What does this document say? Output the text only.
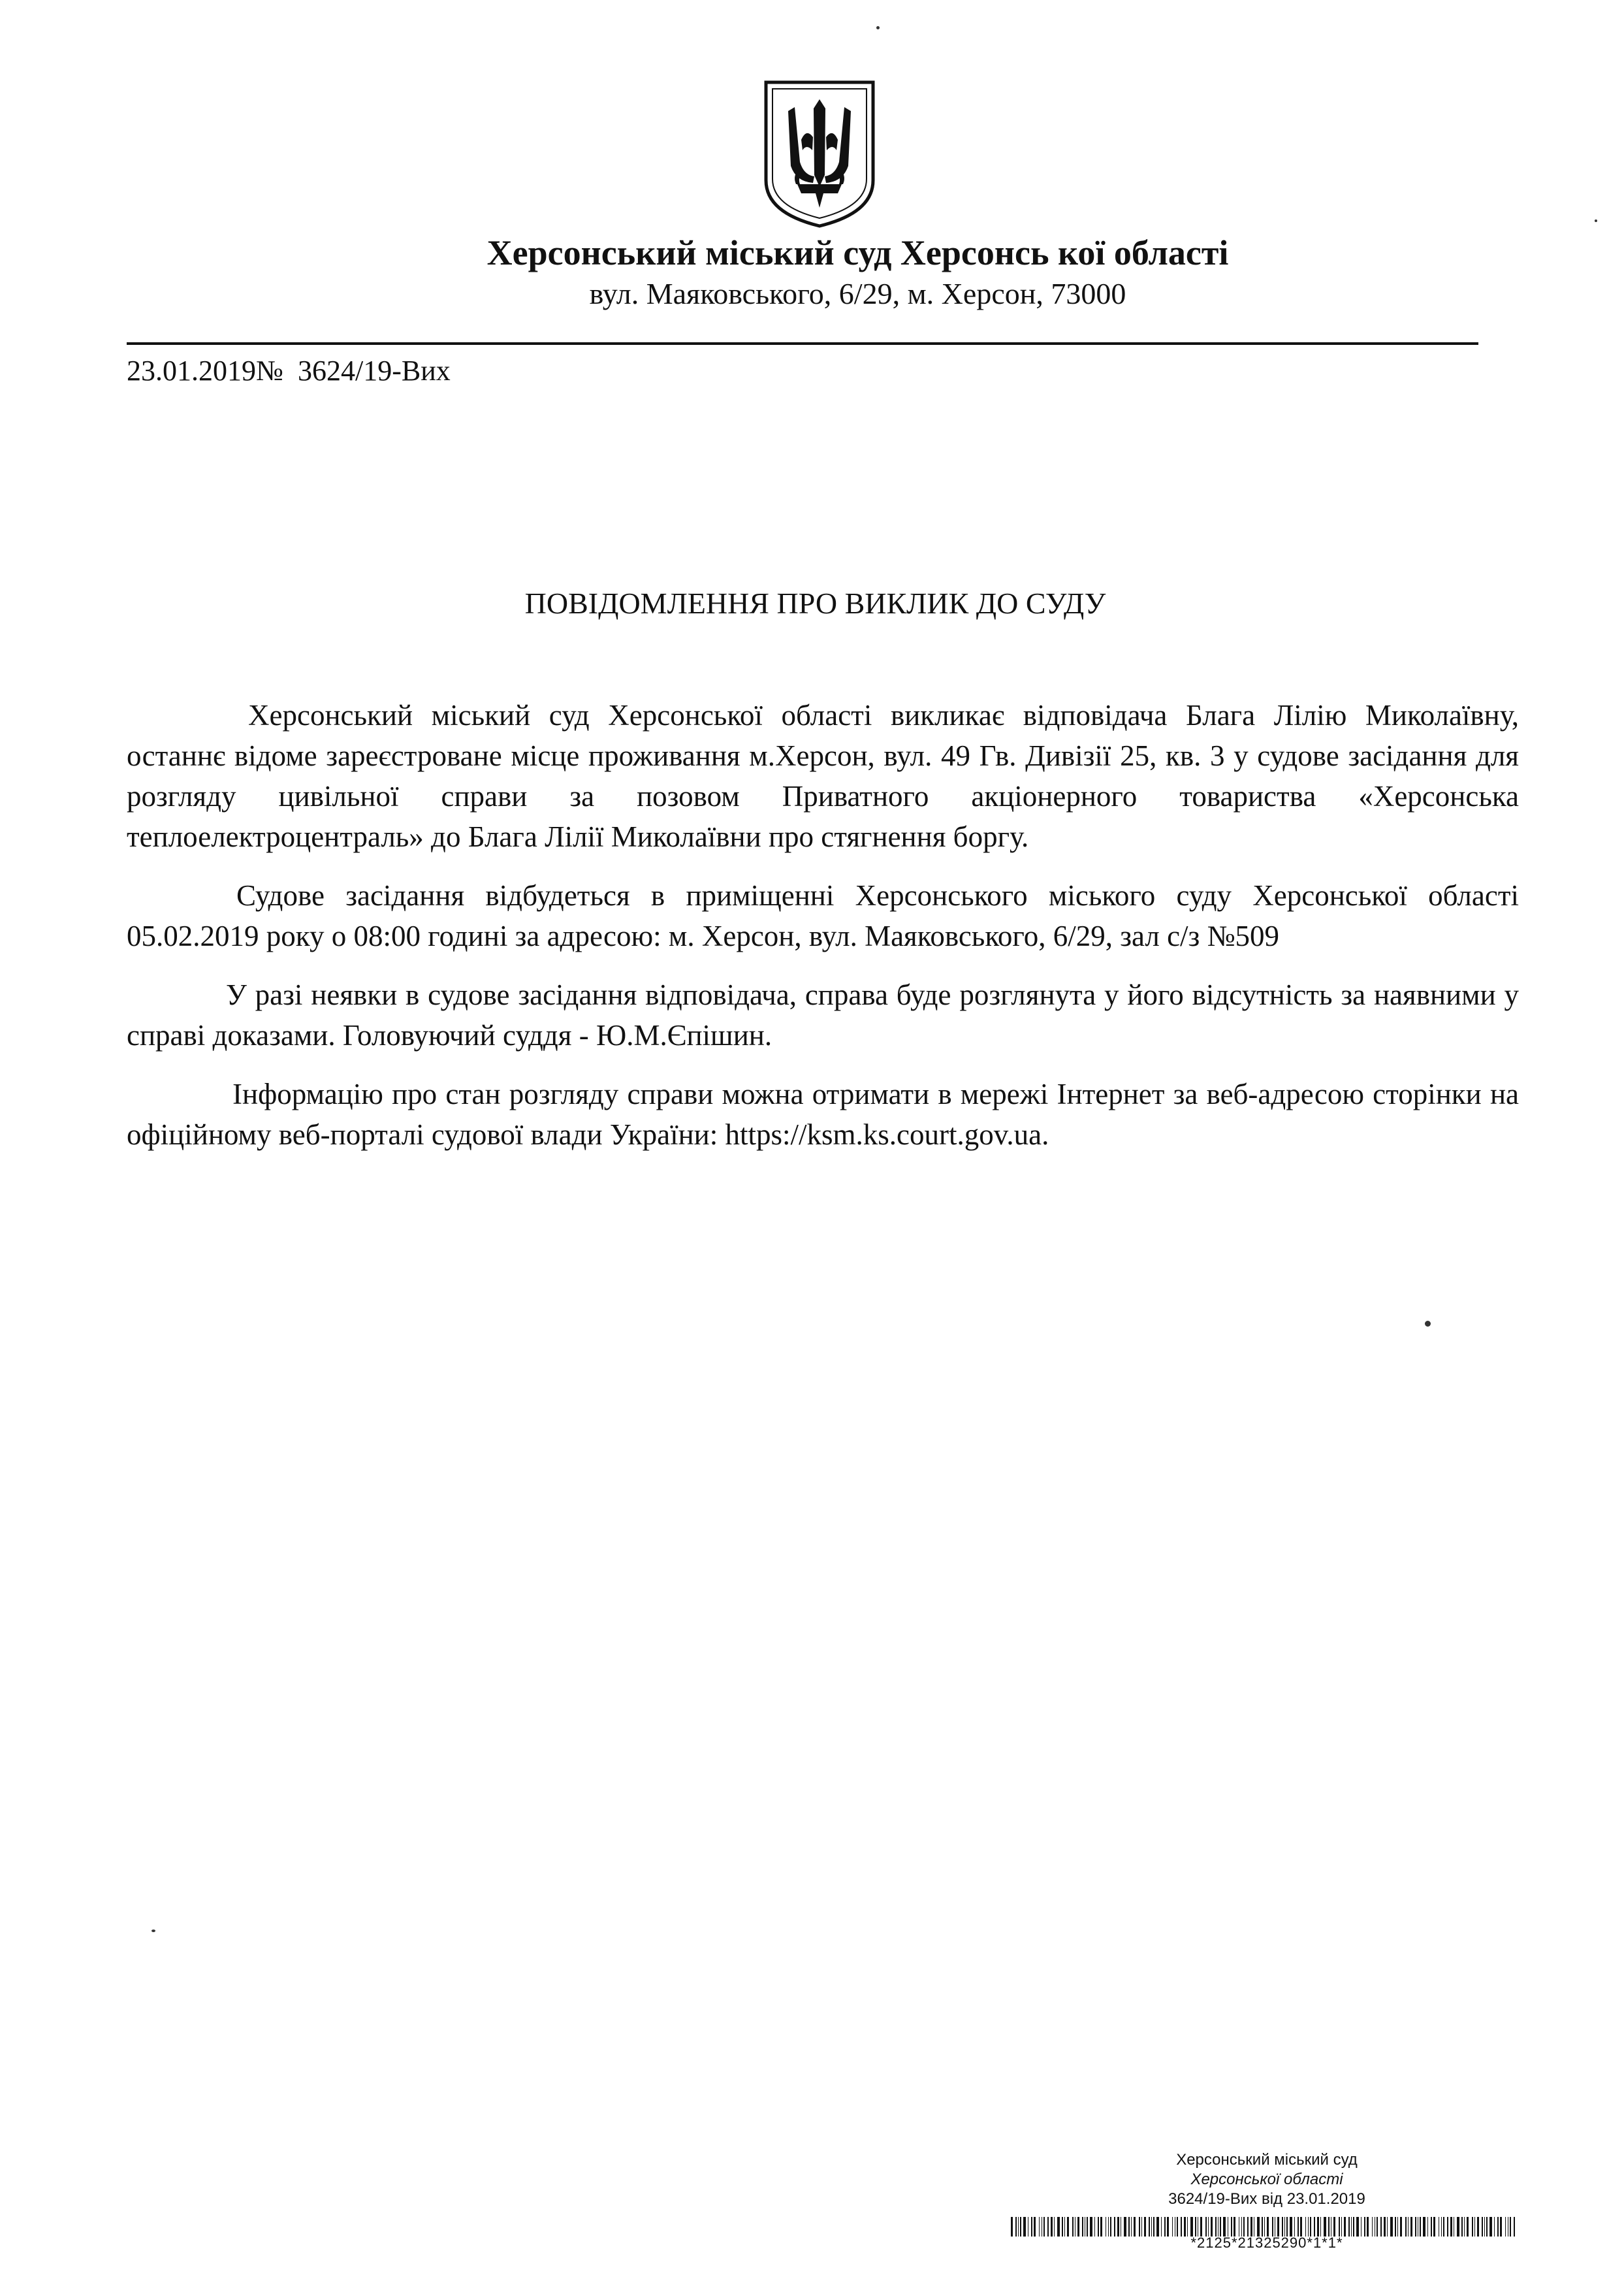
Херсонський міський суд Херсонсь кої області
вул. Маяковського, 6/29, м. Херсон, 73000
23.01.2019№  3624/19-Вих
ПОВІДОМЛЕННЯ ПРО ВИКЛИК ДО СУДУ

Херсонський міський суд Херсонської області викликає відповідача Блага Лілію Миколаївну, останнє відоме зареєстроване місце проживання м.Херсон, вул. 49 Гв. Дивізії 25, кв. 3 у судове засідання для розгляду цивільної справи за позовом Приватного акціонерного товариства «Херсонська теплоелектроцентраль» до Блага Лілії Миколаївни про стягнення боргу.

Судове засідання відбудеться в приміщенні Херсонського міського суду Херсонської області 05.02.2019 року о 08:00 годині за адресою: м. Херсон, вул. Маяковського, 6/29, зал с/з №509

У разі неявки в судове засідання відповідача, справа буде розглянута у його відсутність за наявними у справі доказами. Головуючий суддя - Ю.М.Єпішин.

Інформацію про стан розгляду справи можна отримати в мережі Інтернет за веб-адресою сторінки на офіційному веб-порталі судової влади України: https://ksm.ks.court.gov.ua.

Херсонський міський суд
Херсонської області
3624/19-Вих від 23.01.2019
*2125*21325290*1*1*
